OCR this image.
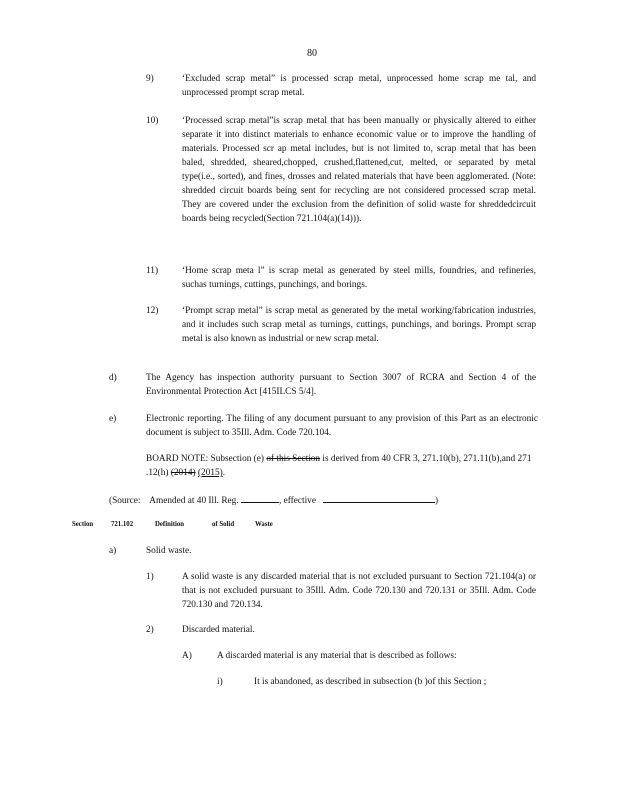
80
9)	‘Excluded scrap metal” is processed scrap metal, unprocessed home scrap me tal, and unprocessed prompt scrap metal.
10)	‘Processed scrap metal”is scrap metal that has been manually or physically altered to either separate it into distinct materials to enhance economic value or to improve the handling of materials. Processed scr ap metal includes, but is not limited to, scrap metal that has been baled, shredded, sheared,chopped, crushed,flattened,cut, melted, or separated by metal type(i.e., sorted), and fines, drosses and related materials that have been agglomerated. (Note: shredded circuit boards being sent for recycling are not considered processed scrap metal. They are covered under the exclusion from the definition of solid waste for shreddedcircuit boards being recycled(Section 721.104(a)(14))).
11)	‘Home scrap meta l” is scrap metal as generated by steel mills, foundries, and refineries, suchas turnings, cuttings, punchings, and borings.
12)	‘Prompt scrap metal” is scrap metal as generated by the metal working/fabrication industries, and it includes such scrap metal as turnings, cuttings, punchings, and borings. Prompt scrap metal is also known as industrial or new scrap metal.
d)	The Agency has inspection authority pursuant to Section 3007 of RCRA and Section 4 of the Environmental Protection Act [415ILCS 5/4].
e)	Electronic reporting. The filing of any document pursuant to any provision of this Part as an electronic document is subject to 35Ill. Adm. Code 720.104.
BOARD NOTE: Subsection (e) of this Section is derived from 40 CFR 3, 271.10(b), 271.11(b),and 271 .12(h) (2014) (2015).
(Source: Amended at 40 Ill. Reg.	, effective	)
Section	721.102	Definition	of Solid	Waste
a)	Solid waste.
1)	A solid waste is any discarded material that is not excluded pursuant to Section 721.104(a) or that is not excluded pursuant to 35Ill. Adm. Code 720.130 and 720.131 or 35Ill. Adm. Code 720.130 and 720.134.
2)	Discarded material.
A)	A discarded material is any material that is described as follows:
i)	It is abandoned, as described in subsection (b )of this Section ;
